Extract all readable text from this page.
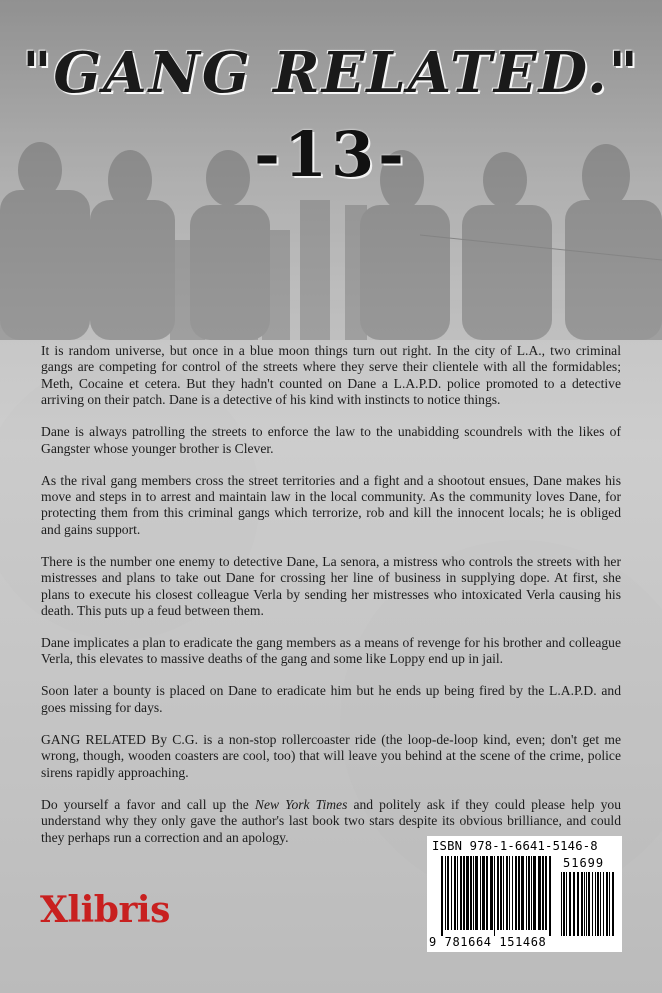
"GANG RELATED."
-13-

It is random universe, but once in a blue moon things turn out right. In the city of L.A., two criminal gangs are competing for control of the streets where they serve their clientele with all the formidables; Meth, Cocaine et cetera. But they hadn't counted on Dane a L.A.P.D. police promoted to a detective arriving on their patch. Dane is a detective of his kind with instincts to notice things.

Dane is always patrolling the streets to enforce the law to the unabidding scoundrels with the likes of Gangster whose younger brother is Clever.

As the rival gang members cross the street territories and a fight and a shootout ensues, Dane makes his move and steps in to arrest and maintain law in the local community. As the community loves Dane, for protecting them from this criminal gangs which terrorize, rob and kill the innocent locals; he is obliged and gains support.

There is the number one enemy to detective Dane, La senora, a mistress who controls the streets with her mistresses and plans to take out Dane for crossing her line of business in supplying dope. At first, she plans to execute his closest colleague Verla by sending her mistresses who intoxicated Verla causing his death. This puts up a feud between them.

Dane implicates a plan to eradicate the gang members as a means of revenge for his brother and colleague Verla, this elevates to massive deaths of the gang and some like Loppy end up in jail.

Soon later a bounty is placed on Dane to eradicate him but he ends up being fired by the L.A.P.D. and goes missing for days.

GANG RELATED By C.G. is a non-stop rollercoaster ride (the loop-de-loop kind, even; don't get me wrong, though, wooden coasters are cool, too) that will leave you behind at the scene of the crime, police sirens rapidly approaching.

Do yourself a favor and call up the New York Times and politely ask if they could please help you understand why they only gave the author's last book two stars despite its obvious brilliance, and could they perhaps run a correction and an apology.

Xlibris
ISBN 978-1-6641-5146-8
51699
9 781664 151468
